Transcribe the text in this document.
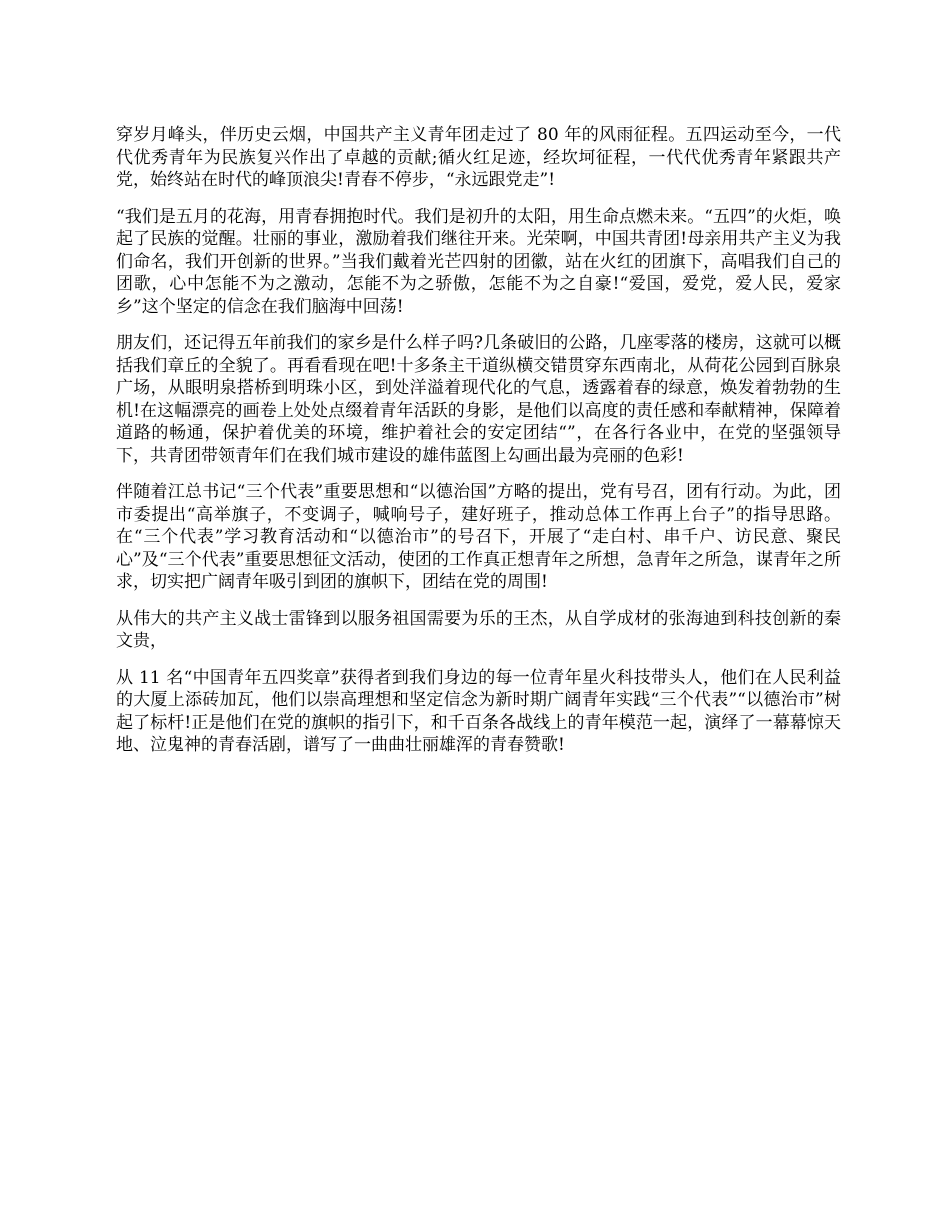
穿岁月峰头，伴历史云烟，中国共产主义青年团走过了 80 年的风雨征程。五四运动至今，一代代优秀青年为民族复兴作出了卓越的贡献;循火红足迹，经坎坷征程，一代代优秀青年紧跟共产党，始终站在时代的峰顶浪尖!青春不停步，“永远跟党走”!

“我们是五月的花海，用青春拥抱时代。我们是初升的太阳，用生命点燃未来。“五四”的火炬，唤起了民族的觉醒。壮丽的事业，激励着我们继往开来。光荣啊，中国共青团!母亲用共产主义为我们命名，我们开创新的世界。”当我们戴着光芒四射的团徽，站在火红的团旗下，高唱我们自己的团歌，心中怎能不为之激动，怎能不为之骄傲，怎能不为之自豪!“爱国，爱党，爱人民，爱家乡”这个坚定的信念在我们脑海中回荡!

朋友们，还记得五年前我们的家乡是什么样子吗?几条破旧的公路，几座零落的楼房，这就可以概括我们章丘的全貌了。再看看现在吧!十多条主干道纵横交错贯穿东西南北，从荷花公园到百脉泉广场，从眼明泉搭桥到明珠小区，到处洋溢着现代化的气息，透露着春的绿意，焕发着勃勃的生机!在这幅漂亮的画卷上处处点缀着青年活跃的身影，是他们以高度的责任感和奉献精神，保障着道路的畅通，保护着优美的环境，维护着社会的安定团结“”，在各行各业中，在党的坚强领导下，共青团带领青年们在我们城市建设的雄伟蓝图上勾画出最为亮丽的色彩!

伴随着江总书记“三个代表”重要思想和“以德治国”方略的提出，党有号召，团有行动。为此，团市委提出“高举旗子，不变调子，喊响号子，建好班子，推动总体工作再上台子”的指导思路。在“三个代表”学习教育活动和“以德治市”的号召下，开展了“走白村、串千户、访民意、聚民心”及“三个代表”重要思想征文活动，使团的工作真正想青年之所想，急青年之所急，谋青年之所求，切实把广阔青年吸引到团的旗帜下，团结在党的周围!

从伟大的共产主义战士雷锋到以服务祖国需要为乐的王杰，从自学成材的张海迪到科技创新的秦文贵，

从 11 名“中国青年五四奖章”获得者到我们身边的每一位青年星火科技带头人，他们在人民利益的大厦上添砖加瓦，他们以崇高理想和坚定信念为新时期广阔青年实践“三个代表”“以德治市”树起了标杆!正是他们在党的旗帜的指引下，和千百条各战线上的青年模范一起，演绎了一幕幕惊天地、泣鬼神的青春活剧，谱写了一曲曲壮丽雄浑的青春赞歌!
